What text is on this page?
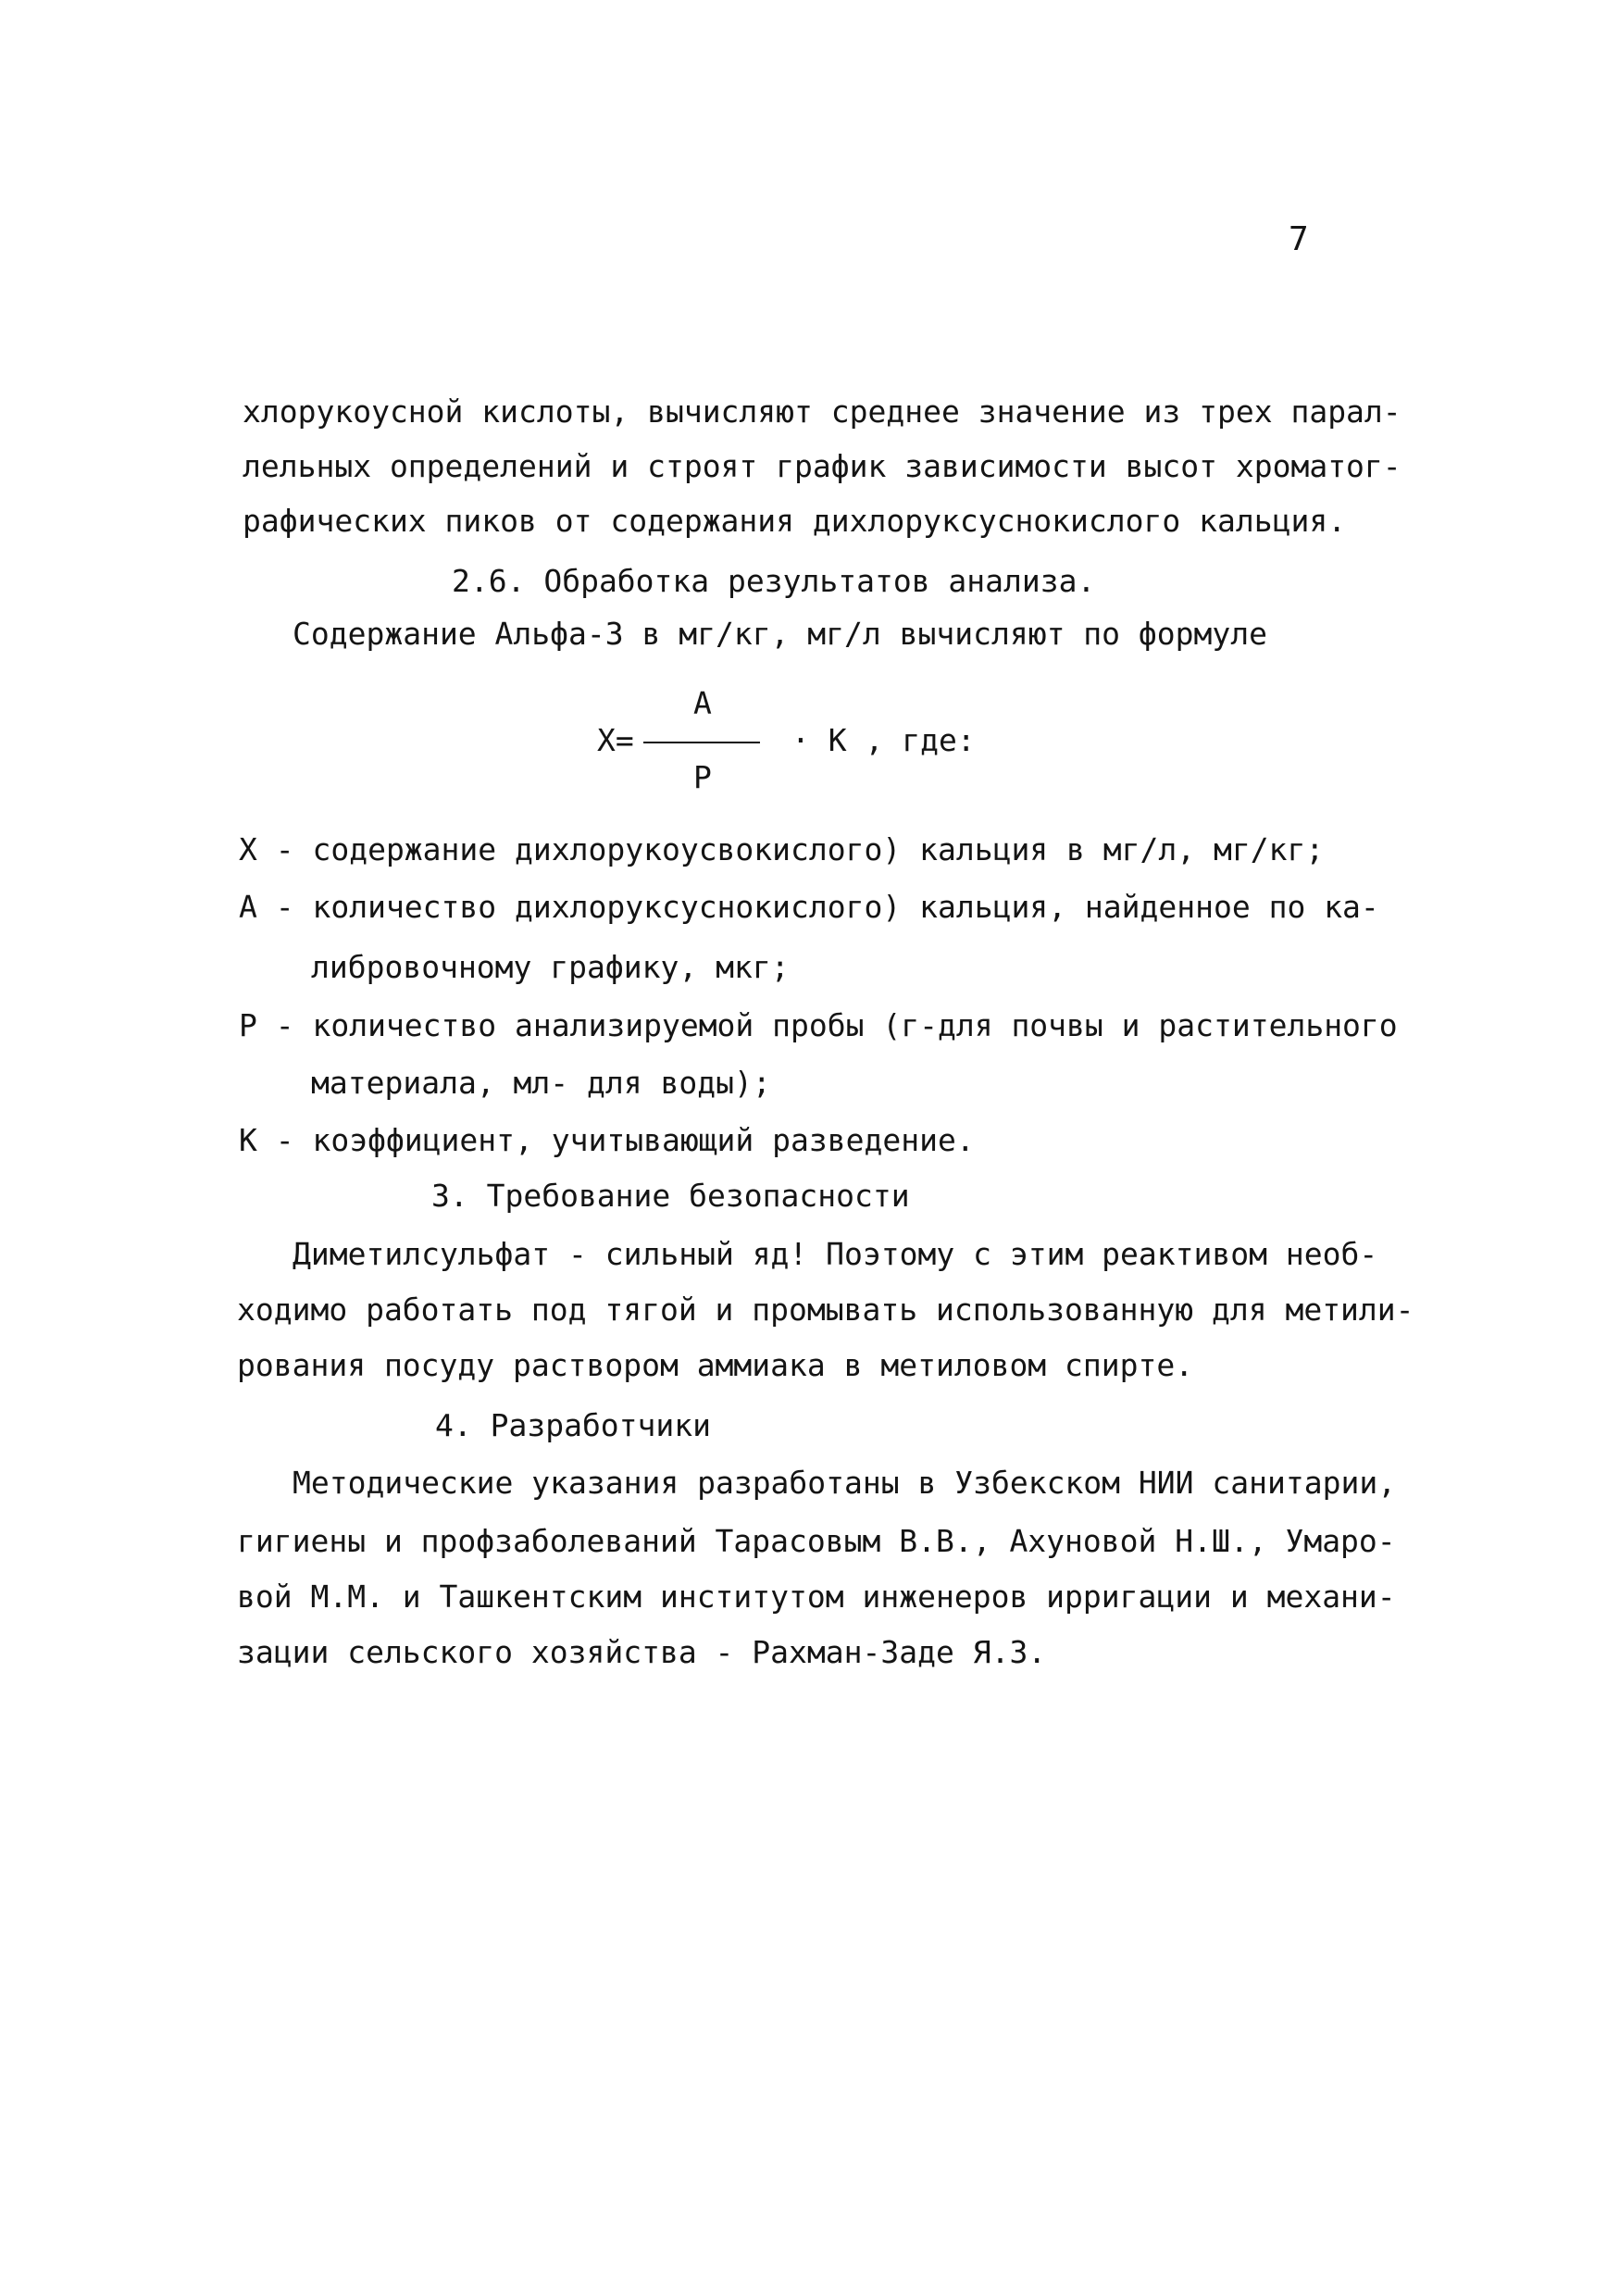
7
хлорукоусной кислоты, вычисляют среднее значение из трех парал-
лельных определений и строят график зависимости высот хроматог-
рафических пиков от содержания дихлоруксуснокислого кальция.
2.6. Обработка результатов анализа.
Содержание Альфа-3 в мг/кг, мг/л вычисляют по формуле
A
X=	· К , где:
P
X - содержание дихлорукоусвокислого) кальция в мг/л, мг/кг;
A - количество дихлоруксуснокислого) кальция, найденное по ка-
либровочному графику, мкг;
P - количество анализируемой пробы (г-для почвы и растительного
материала, мл- для воды);
К - коэффициент, учитывающий разведение.
3. Требование безопасности
Диметилсульфат - сильный яд! Поэтому с этим реактивом необ-
ходимо работать под тягой и промывать использованную для метили-
рования посуду раствором аммиака в метиловом спирте.
4. Разработчики
Методические указания разработаны в Узбекском НИИ санитарии,
гигиены и профзаболеваний Тарасовым В.В., Ахуновой Н.Ш., Умаро-
вой М.М. и Ташкентским институтом инженеров ирригации и механи-
зации сельского хозяйства - Рахман-Заде Я.З.
